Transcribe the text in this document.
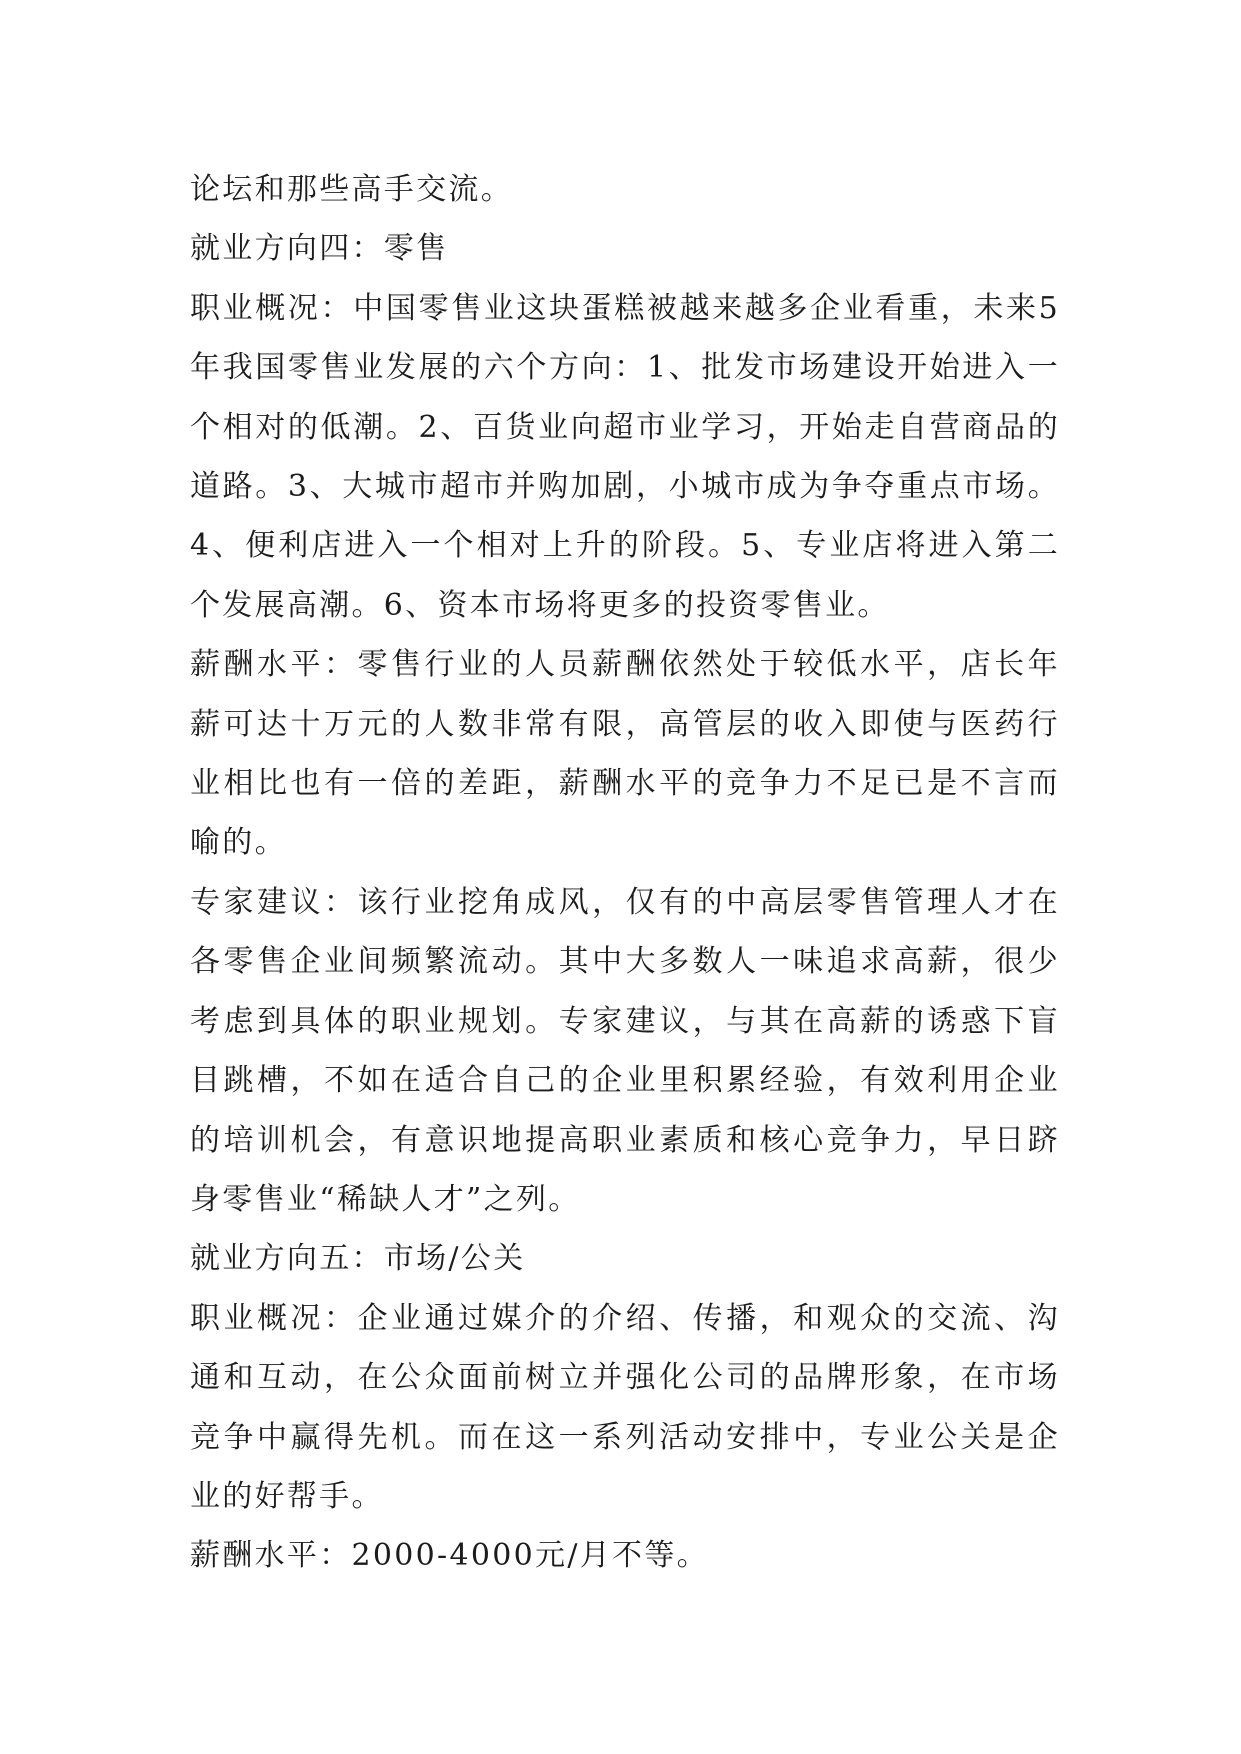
论坛和那些高手交流。

就业方向四：零售

职业概况：中国零售业这块蛋糕被越来越多企业看重，未来5年我国零售业发展的六个方向：1、批发市场建设开始进入一个相对的低潮。2、百货业向超市业学习，开始走自营商品的道路。3、大城市超市并购加剧，小城市成为争夺重点市场。4、便利店进入一个相对上升的阶段。5、专业店将进入第二个发展高潮。6、资本市场将更多的投资零售业。

薪酬水平：零售行业的人员薪酬依然处于较低水平，店长年薪可达十万元的人数非常有限，高管层的收入即使与医药行业相比也有一倍的差距，薪酬水平的竞争力不足已是不言而喻的。

专家建议：该行业挖角成风，仅有的中高层零售管理人才在各零售企业间频繁流动。其中大多数人一味追求高薪，很少考虑到具体的职业规划。专家建议，与其在高薪的诱惑下盲目跳槽，不如在适合自己的企业里积累经验，有效利用企业的培训机会，有意识地提高职业素质和核心竞争力，早日跻身零售业“稀缺人才”之列。

就业方向五：市场/公关

职业概况：企业通过媒介的介绍、传播，和观众的交流、沟通和互动，在公众面前树立并强化公司的品牌形象，在市场竞争中赢得先机。而在这一系列活动安排中，专业公关是企业的好帮手。

薪酬水平：2000-4000元/月不等。
